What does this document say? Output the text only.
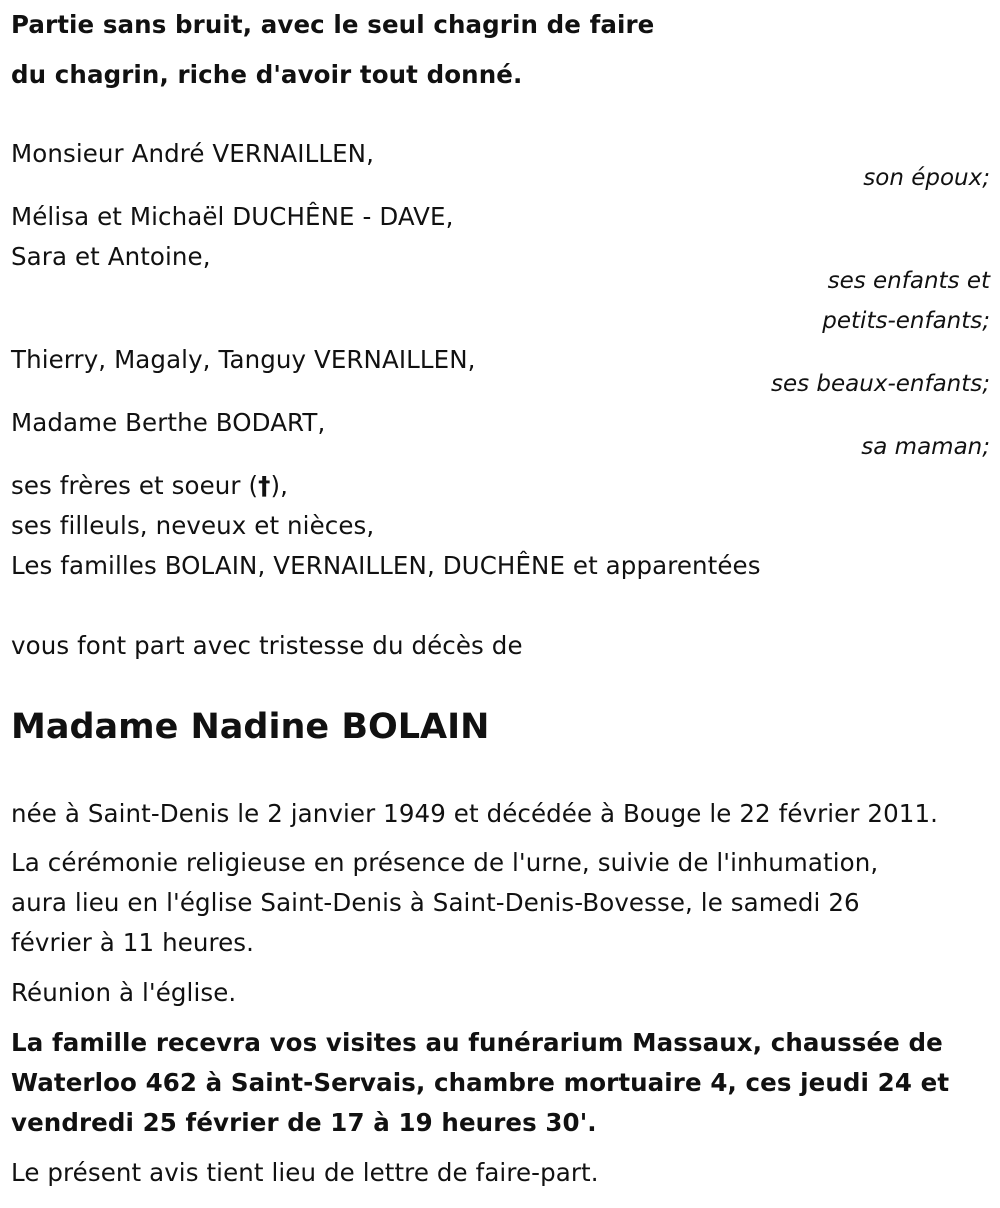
Partie sans bruit, avec le seul chagrin de faire
du chagrin, riche d'avoir tout donné.
Monsieur André VERNAILLEN,
son époux;
Mélisa et Michaël DUCHÊNE - DAVE,
Sara et Antoine,
ses enfants et
petits-enfants;
Thierry, Magaly, Tanguy VERNAILLEN,
ses beaux-enfants;
Madame Berthe BODART,
sa maman;
ses frères et soeur (†),
ses filleuls, neveux et nièces,
Les familles BOLAIN, VERNAILLEN, DUCHÊNE et apparentées
vous font part avec tristesse du décès de
Madame Nadine BOLAIN
née à Saint-Denis le 2 janvier 1949 et décédée à Bouge le 22 février 2011.
La cérémonie religieuse en présence de l'urne, suivie de l'inhumation,
aura lieu en l'église Saint-Denis à Saint-Denis-Bovesse, le samedi 26
février à 11 heures.
Réunion à l'église.
La famille recevra vos visites au funérarium Massaux, chaussée de
Waterloo 462 à Saint-Servais, chambre mortuaire 4, ces jeudi 24 et
vendredi 25 février de 17 à 19 heures 30'.
Le présent avis tient lieu de lettre de faire-part.
